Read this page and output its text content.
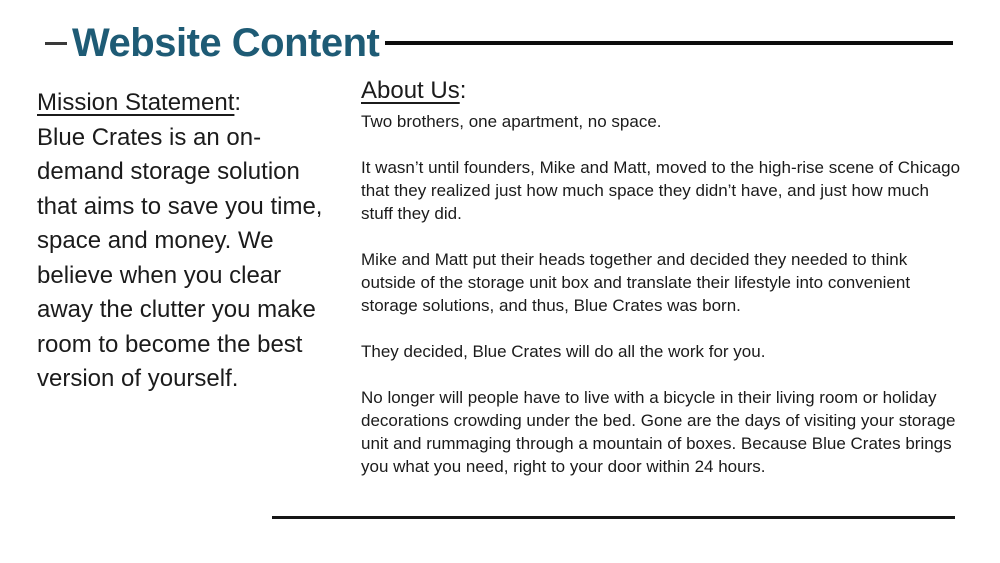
Website Content
Mission Statement:
Blue Crates is an on-demand storage solution that aims to save you time, space and money. We believe when you clear away the clutter you make room to become the best version of yourself.
About Us:

Two brothers, one apartment, no space.

It wasn’t until founders, Mike and Matt, moved to the high-rise scene of Chicago that they realized just how much space they didn’t have, and just how much stuff they did.

Mike and Matt put their heads together and decided they needed to think outside of the storage unit box and translate their lifestyle into convenient storage solutions, and thus, Blue Crates was born.

They decided, Blue Crates will do all the work for you.

No longer will people have to live with a bicycle in their living room or holiday decorations crowding under the bed. Gone are the days of visiting your storage unit and rummaging through a mountain of boxes. Because Blue Crates brings you what you need, right to your door within 24 hours.
